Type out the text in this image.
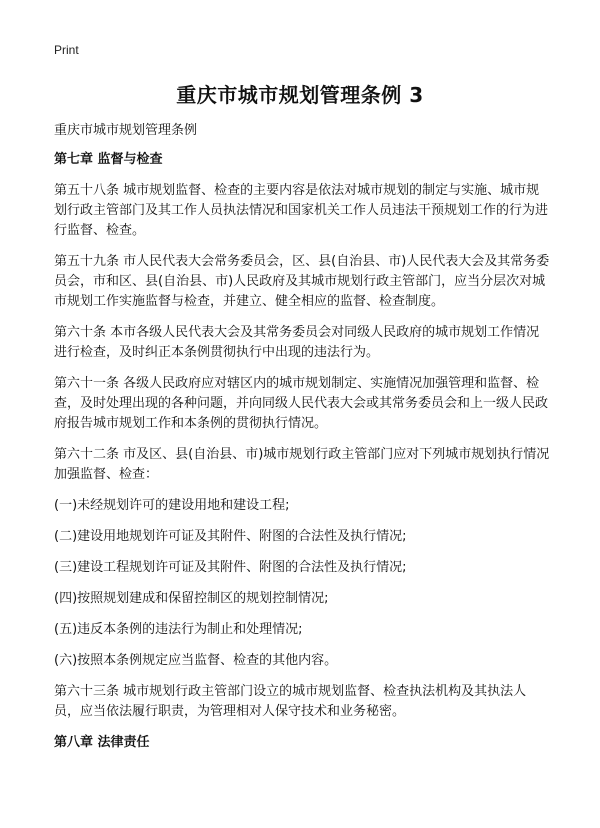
Print
重庆市城市规划管理条例 3

重庆市城市规划管理条例

第七章 监督与检查

第五十八条 城市规划监督、检查的主要内容是依法对城市规划的制定与实施、城市规划行政主管部门及其工作人员执法情况和国家机关工作人员违法干预规划工作的行为进行监督、检查。

第五十九条 市人民代表大会常务委员会，区、县(自治县、市)人民代表大会及其常务委员会，市和区、县(自治县、市)人民政府及其城市规划行政主管部门，应当分层次对城市规划工作实施监督与检查，并建立、健全相应的监督、检查制度。

第六十条 本市各级人民代表大会及其常务委员会对同级人民政府的城市规划工作情况进行检查，及时纠正本条例贯彻执行中出现的违法行为。

第六十一条 各级人民政府应对辖区内的城市规划制定、实施情况加强管理和监督、检查，及时处理出现的各种问题，并向同级人民代表大会或其常务委员会和上一级人民政府报告城市规划工作和本条例的贯彻执行情况。

第六十二条 市及区、县(自治县、市)城市规划行政主管部门应对下列城市规划执行情况加强监督、检查：

(一)未经规划许可的建设用地和建设工程;

(二)建设用地规划许可证及其附件、附图的合法性及执行情况;

(三)建设工程规划许可证及其附件、附图的合法性及执行情况;

(四)按照规划建成和保留控制区的规划控制情况;

(五)违反本条例的违法行为制止和处理情况;

(六)按照本条例规定应当监督、检查的其他内容。

第六十三条 城市规划行政主管部门设立的城市规划监督、检查执法机构及其执法人员，应当依法履行职责，为管理相对人保守技术和业务秘密。

第八章 法律责任
